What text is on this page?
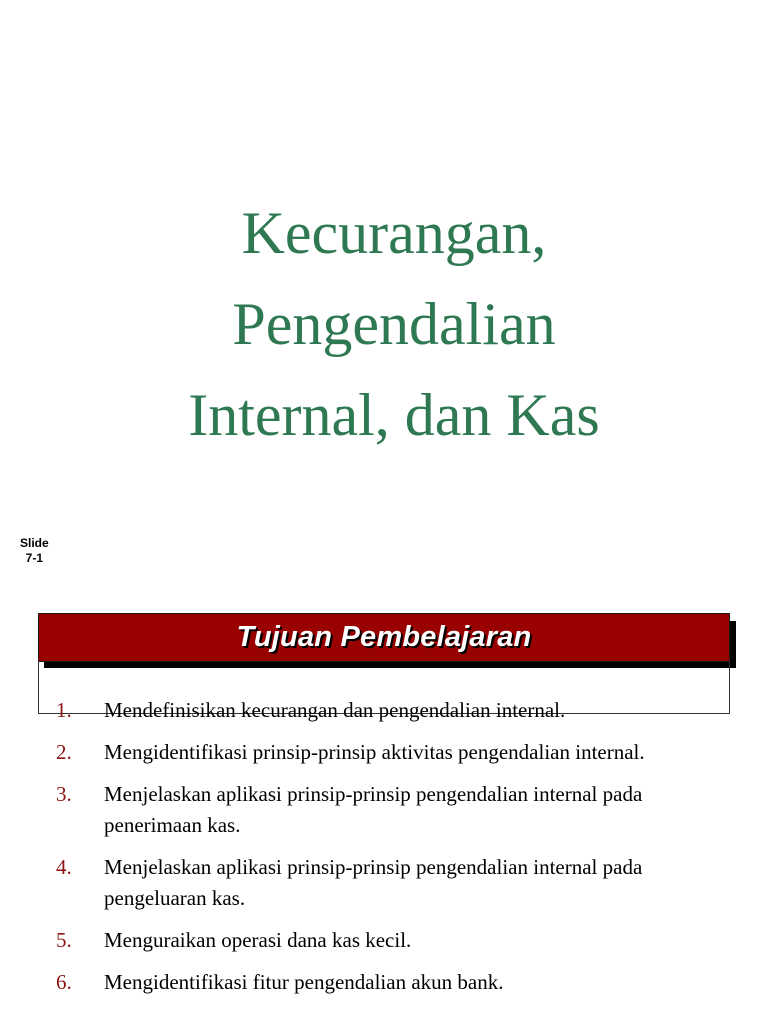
Kecurangan,
Pengendalian
Internal, dan Kas
Slide
7-1
Tujuan Pembelajaran
1.	Mendefinisikan kecurangan dan pengendalian internal.
2.	Mengidentifikasi prinsip-prinsip aktivitas pengendalian internal.
3.	Menjelaskan aplikasi prinsip-prinsip pengendalian internal pada penerimaan kas.
4.	Menjelaskan aplikasi prinsip-prinsip pengendalian internal pada pengeluaran kas.
5.	Menguraikan operasi dana kas kecil.
6.	Mengidentifikasi fitur pengendalian akun bank.
